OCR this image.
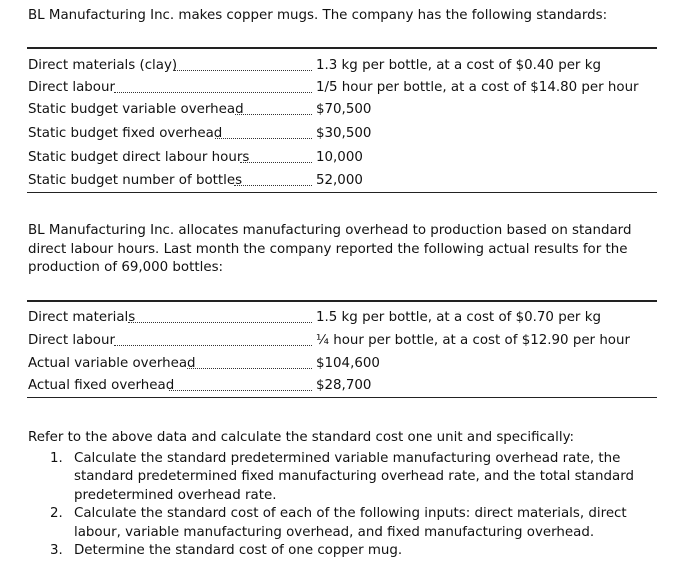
BL Manufacturing Inc. makes copper mugs. The company has the following standards:
Direct materials (clay)	1.3 kg per bottle, at a cost of $0.40 per kg
Direct labour	1/5 hour per bottle, at a cost of $14.80 per hour
Static budget variable overhead	$70,500
Static budget fixed overhead	$30,500
Static budget direct labour hours	10,000
Static budget number of bottles	52,000
BL Manufacturing Inc. allocates manufacturing overhead to production based on standard direct labour hours. Last month the company reported the following actual results for the production of 69,000 bottles:
Direct materials	1.5 kg per bottle, at a cost of $0.70 per kg
Direct labour	¼ hour per bottle, at a cost of $12.90 per hour
Actual variable overhead	$104,600
Actual fixed overhead	$28,700
Refer to the above data and calculate the standard cost one unit and specifically:
1. Calculate the standard predetermined variable manufacturing overhead rate, the standard predetermined fixed manufacturing overhead rate, and the total standard predetermined overhead rate.
2. Calculate the standard cost of each of the following inputs: direct materials, direct labour, variable manufacturing overhead, and fixed manufacturing overhead.
3. Determine the standard cost of one copper mug.
